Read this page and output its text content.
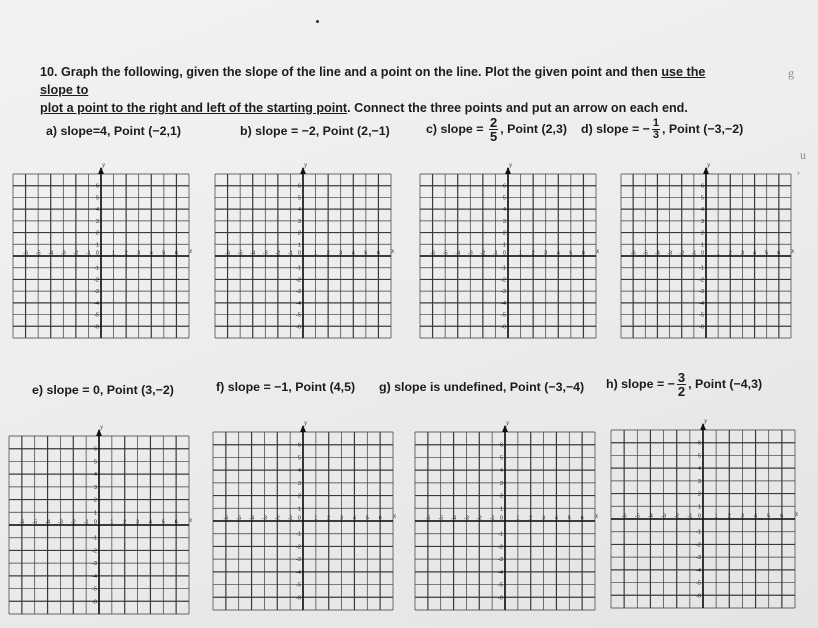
10. Graph the following, given the slope of the line and a point on the line. Plot the given point and then use the slope to
plot a point to the right and left of the starting point. Connect the three points and put an arrow on each end.
a) slope=4, Point (−2,1)	b) slope = −2, Point (2,−1)	c) slope = $\frac{2}{5}$ , Point (2,3) d) slope = − $\frac{1}{3}$ , Point (−3,−2)
e) slope = 0, Point (3,−2)	f) slope = −1, Point (4,5) g) slope is undefined, Point (−3,−4) h) slope = − $\frac{3}{2}$ , Point (−4,3)
y
x
-6 -5 -4 -3 -2 -1 0 1 2 3 4 5 6
6
5
4
3
2
1
-1
-2
-3
-4
-5
-6
y
x
-6 -5 -4 -3 -2 -1 0 1 2 3 4 5 6
6
5
4
3
2
1
-1
-2
-3
-4
-5
-6
y
x
-6 -5 -4 -3 -2 -1 0 1 2 3 4 5 6
6
5
4
3
2
1
-1
-2
-3
-4
-5
-6
y
x
-6 -5 -4 -3 -2 -1 0 1 2 3 4 5 6
6
5
4
3
2
1
-1
-2
-3
-4
-5
-6
y
x
-6 -5 -4 -3 -2 -1 0 1 2 3 4 5 6
6
5
4
3
2
1
-1
-2
-3
-4
-5
-6
y
x
-6 -5 -4 -3 -2 -1 0 1 2 3 4 5 6
6
5
4
3
2
1
-1
-2
-3
-4
-5
-6
y
x
-6 -5 -4 -3 -2 -1 0 1 2 3 4 5 6
6
5
4
3
2
1
-1
-2
-3
-4
-5
-6
y
x
-6 -5 -4 -3 -2 -1 0 1 2 3 4 5 6
6
5
4
3
2
1
-1
-2
-3
-4
-5
-6
g
u
,
